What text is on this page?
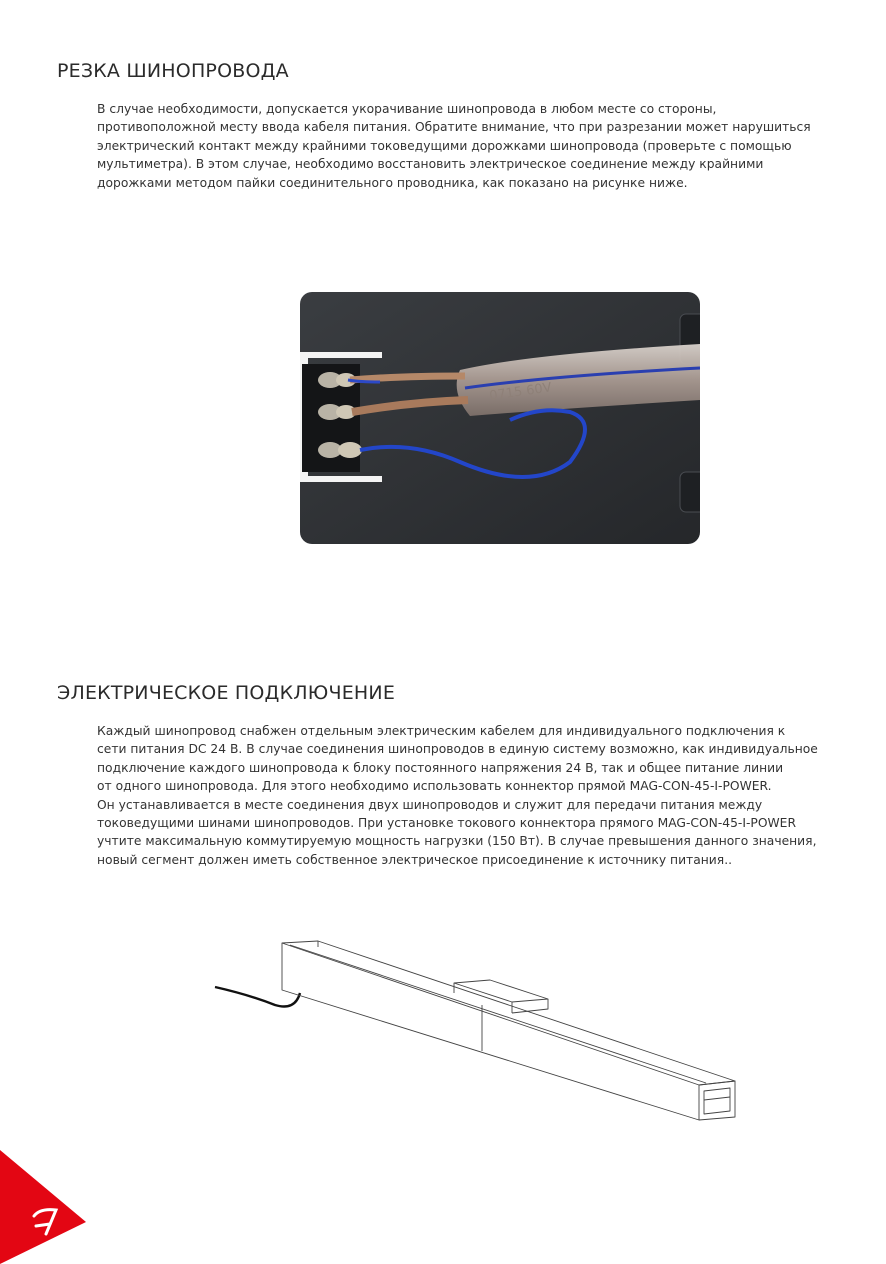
РЕЗКА ШИНОПРОВОДА
В случае необходимости, допускается укорачивание шинопровода в любом месте со стороны,
противоположной месту ввода кабеля питания. Обратите внимание, что при разрезании может нарушиться
электрический контакт между крайними токоведущими дорожками шинопровода (проверьте с помощью
мультиметра). В этом случае, необходимо восстановить электрическое соединение между крайними
дорожками методом пайки соединительного проводника, как показано на рисунке ниже.
0715 60V
ЭЛЕКТРИЧЕСКОЕ ПОДКЛЮЧЕНИЕ
Каждый шинопровод снабжен отдельным электрическим кабелем для индивидуального подключения к
сети питания DC 24 В. В случае соединения шинопроводов в единую систему возможно, как индивидуальное
подключение каждого шинопровода к блоку постоянного напряжения 24 В, так и общее питание линии
от одного шинопровода. Для этого необходимо использовать коннектор прямой MAG-CON-45-I-POWER.
Он устанавливается в месте соединения двух шинопроводов и служит для передачи питания между
токоведущими шинами шинопроводов. При установке токового коннектора прямого MAG-CON-45-I-POWER
учтите максимальную коммутируемую мощность нагрузки (150 Вт). В случае превышения данного значения,
новый сегмент должен иметь собственное электрическое присоединение к источнику питания..
